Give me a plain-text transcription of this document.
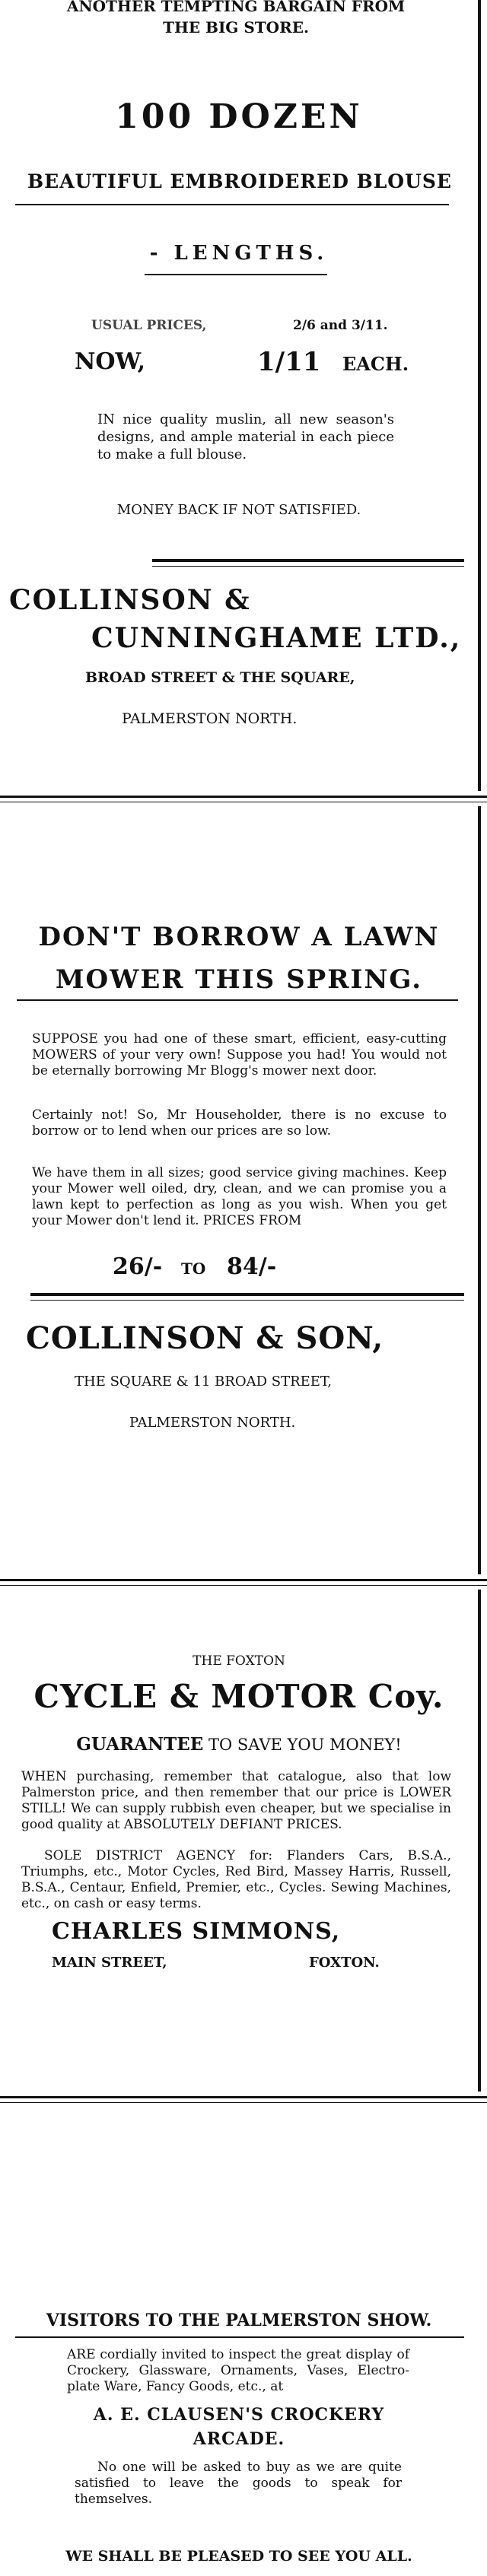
ANOTHER TEMPTING BARGAIN FROM THE BIG STORE.
100 DOZEN
BEAUTIFUL EMBROIDERED BLOUSE
- LENGTHS.
USUAL PRICES,	2/6 and 3/11.
NOW,	1/11 EACH.
IN nice quality muslin, all new season's designs, and ample material in each piece to make a full blouse.
MONEY BACK IF NOT SATISFIED.
COLLINSON &
CUNNINGHAME LTD.,
BROAD STREET & THE SQUARE,
PALMERSTON NORTH.
DON'T BORROW A LAWN
MOWER THIS SPRING.
SUPPOSE you had one of these smart, efficient, easy-cutting MOWERS of your very own! Suppose you had! You would not be eternally borrowing Mr Blogg's mower next door.
Certainly not! So, Mr Householder, there is no excuse to borrow or to lend when our prices are so low.
We have them in all sizes; good service giving machines. Keep your Mower well oiled, dry, clean, and we can promise you a lawn kept to perfection as long as you wish. When you get your Mower don't lend it. PRICES FROM
26/- TO 84/-
COLLINSON & SON,
THE SQUARE & 11 BROAD STREET,
PALMERSTON NORTH.
THE FOXTON
CYCLE & MOTOR Coy.
GUARANTEE TO SAVE YOU MONEY!
WHEN purchasing, remember that catalogue, also that low Palmerston price, and then remember that our price is LOWER STILL! We can supply rubbish even cheaper, but we specialise in good quality at ABSOLUTELY DEFIANT PRICES.
SOLE DISTRICT AGENCY for: Flanders Cars, B.S.A., Triumphs, etc., Motor Cycles, Red Bird, Massey Harris, Russell, B.S.A., Centaur, Enfield, Premier, etc., Cycles. Sewing Machines, etc., on cash or easy terms.
CHARLES SIMMONS,
MAIN STREET,	FOXTON.
VISITORS TO THE PALMERSTON SHOW.
ARE cordially invited to inspect the great display of Crockery, Glassware, Ornaments, Vases, Electro-plate Ware, Fancy Goods, etc., at
A. E. CLAUSEN'S CROCKERY
ARCADE.
No one will be asked to buy as we are quite satisfied to leave the goods to speak for themselves.
WE SHALL BE PLEASED TO SEE YOU ALL.
